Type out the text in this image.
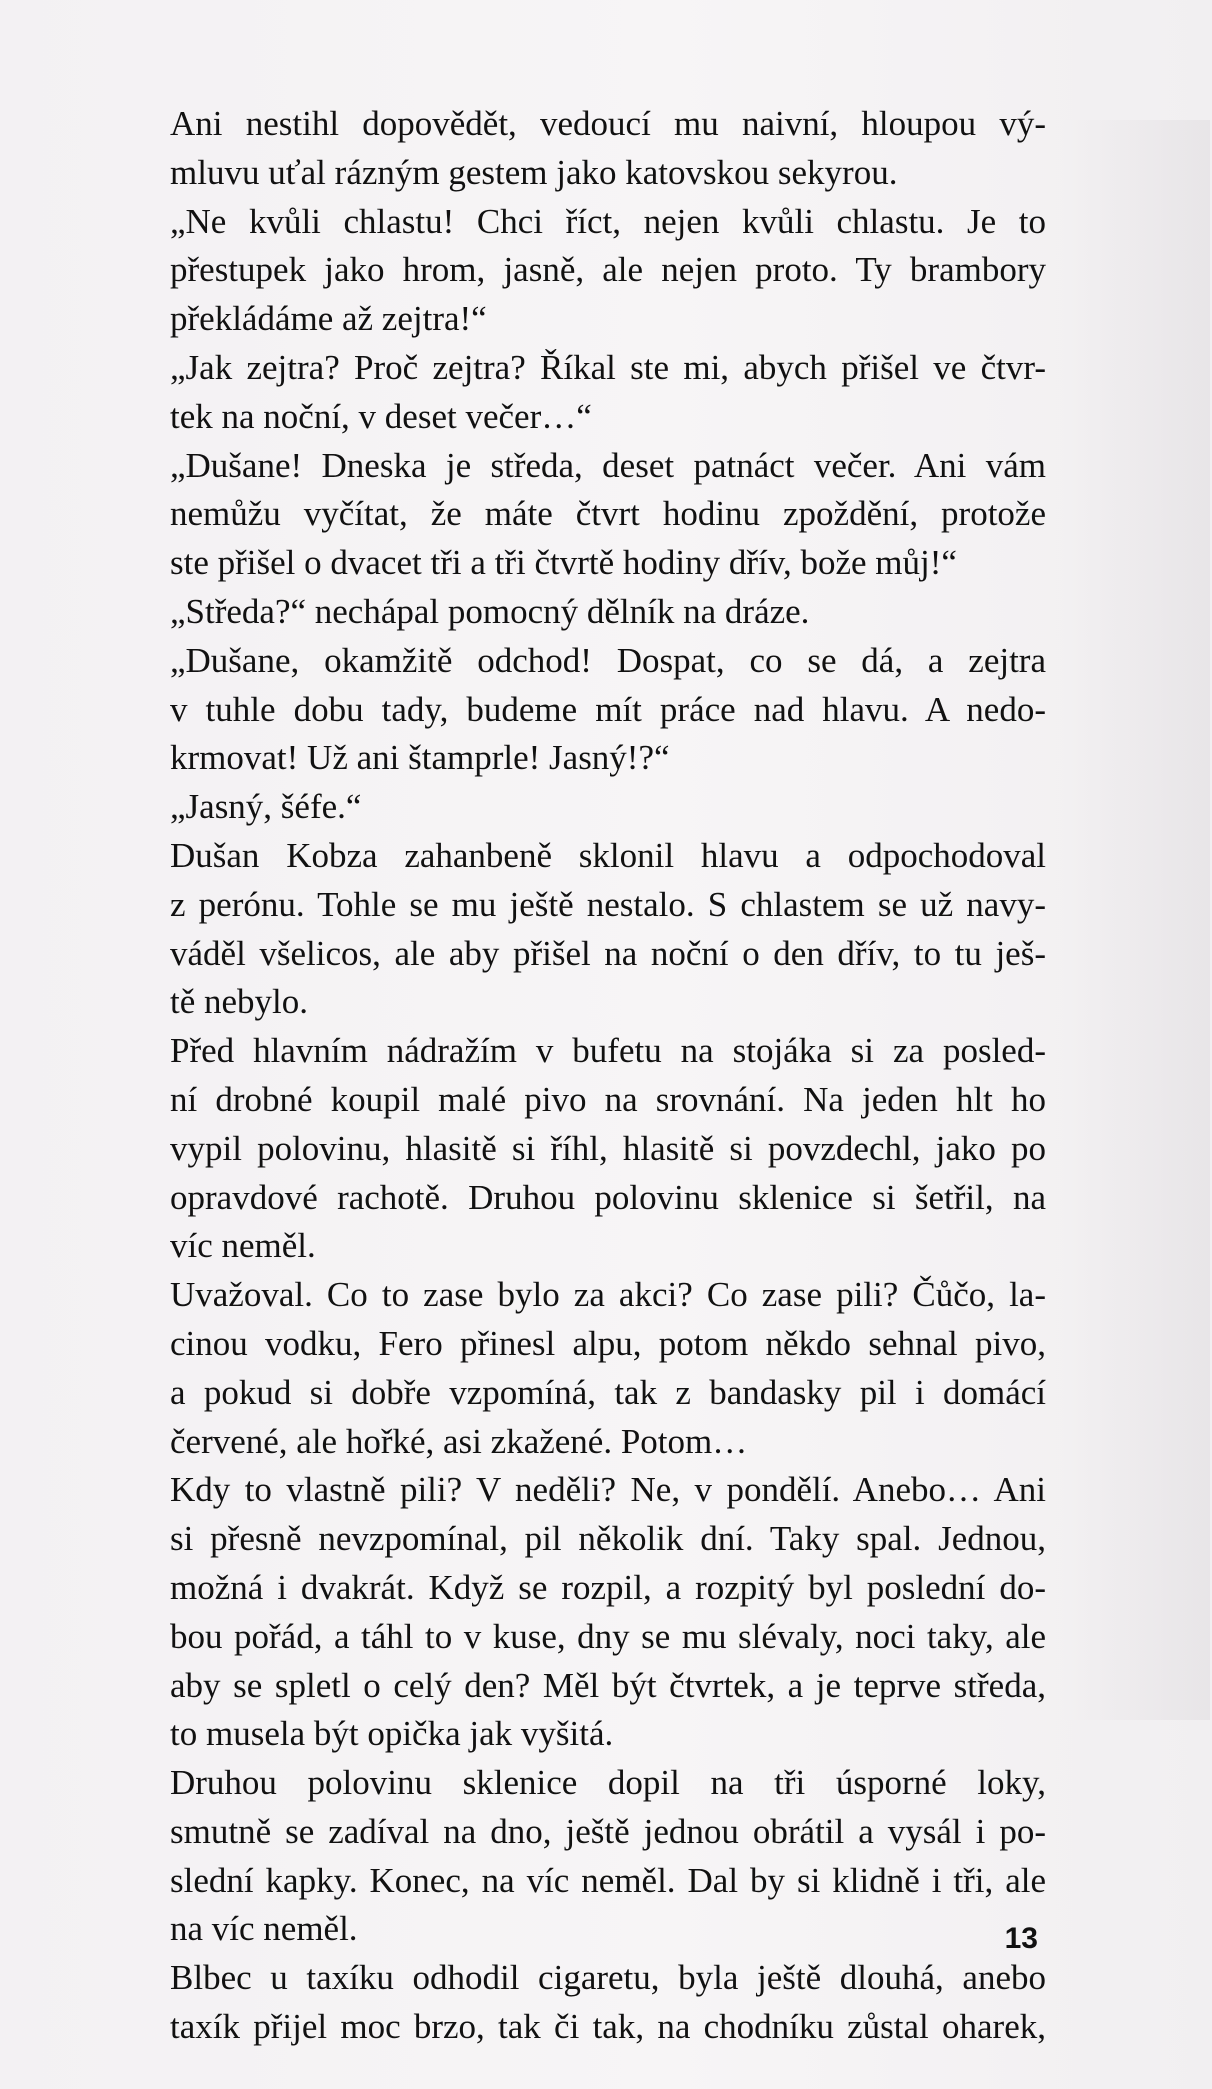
Ani nestihl dopovědět, vedoucí mu naivní, hloupou vý-
mluvu uťal rázným gestem jako katovskou sekyrou.
„Ne kvůli chlastu! Chci říct, nejen kvůli chlastu. Je to
přestupek jako hrom, jasně, ale nejen proto. Ty brambory
překládáme až zejtra!“
„Jak zejtra? Proč zejtra? Říkal ste mi, abych přišel ve čtvr-
tek na noční, v deset večer…“
„Dušane! Dneska je středa, deset patnáct večer. Ani vám
nemůžu vyčítat, že máte čtvrt hodinu zpoždění, protože
ste přišel o dvacet tři a tři čtvrtě hodiny dřív, bože můj!“
„Středa?“ nechápal pomocný dělník na dráze.
„Dušane, okamžitě odchod! Dospat, co se dá, a zejtra
v tuhle dobu tady, budeme mít práce nad hlavu. A nedo-
krmovat! Už ani štamprle! Jasný!?“
„Jasný, šéfe.“
Dušan Kobza zahanbeně sklonil hlavu a odpochodoval
z perónu. Tohle se mu ještě nestalo. S chlastem se už navy-
váděl všelicos, ale aby přišel na noční o den dřív, to tu ješ-
tě nebylo.
Před hlavním nádražím v bufetu na stojáka si za posled-
ní drobné koupil malé pivo na srovnání. Na jeden hlt ho
vypil polovinu, hlasitě si říhl, hlasitě si povzdechl, jako po
opravdové rachotě. Druhou polovinu sklenice si šetřil, na
víc neměl.
Uvažoval. Co to zase bylo za akci? Co zase pili? Čůčo, la-
cinou vodku, Fero přinesl alpu, potom někdo sehnal pivo,
a pokud si dobře vzpomíná, tak z bandasky pil i domácí
červené, ale hořké, asi zkažené. Potom…
Kdy to vlastně pili? V neděli? Ne, v pondělí. Anebo… Ani
si přesně nevzpomínal, pil několik dní. Taky spal. Jednou,
možná i dvakrát. Když se rozpil, a rozpitý byl poslední do-
bou pořád, a táhl to v kuse, dny se mu slévaly, noci taky, ale
aby se spletl o celý den? Měl být čtvrtek, a je teprve středa,
to musela být opička jak vyšitá.
Druhou polovinu sklenice dopil na tři úsporné loky,
smutně se zadíval na dno, ještě jednou obrátil a vysál i po-
slední kapky. Konec, na víc neměl. Dal by si klidně i tři, ale
na víc neměl.
Blbec u taxíku odhodil cigaretu, byla ještě dlouhá, anebo
taxík přijel moc brzo, tak či tak, na chodníku zůstal oharek,
13
